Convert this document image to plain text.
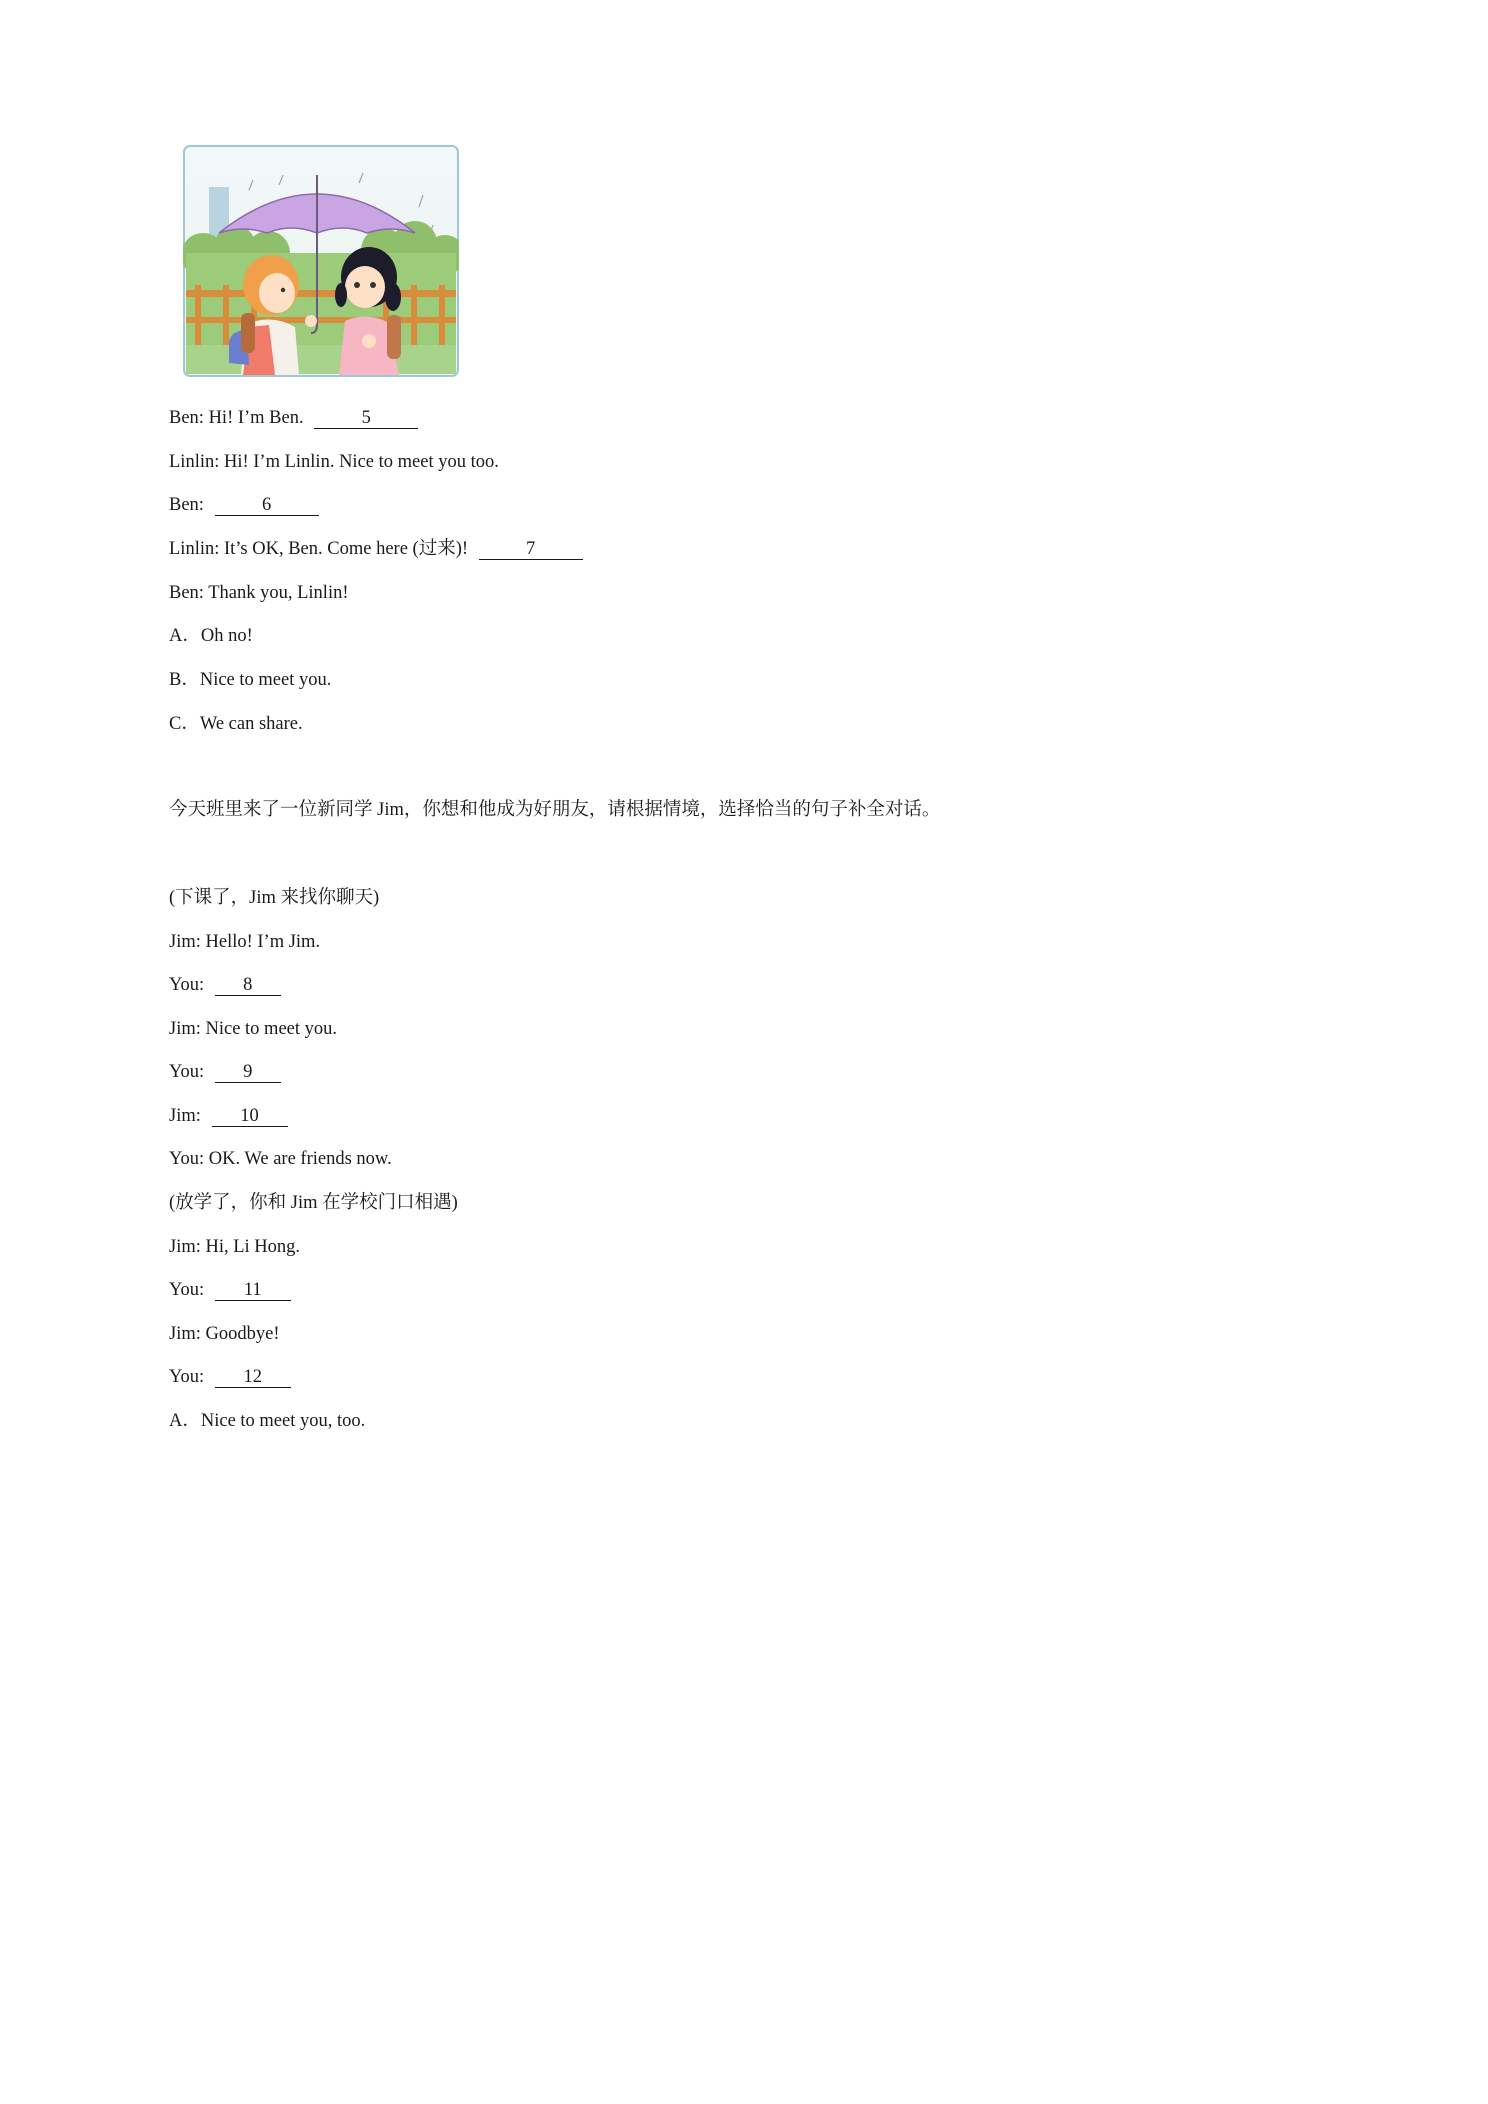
Ben: Hi! I’m Ben.	5
Linlin: Hi! I’m Linlin. Nice to meet you too.
Ben:	6
Linlin: It’s OK, Ben. Come here (过来)!	7
Ben: Thank you, Linlin!
A．Oh no!
B．Nice to meet you.
C．We can share.
今天班里来了一位新同学 Jim，你想和他成为好朋友，请根据情境，选择恰当的句子补全对话。
(下课了，Jim 来找你聊天)
Jim: Hello! I’m Jim.
You: 8
Jim: Nice to meet you.
You: 9
Jim: 10
You: OK. We are friends now.
(放学了，你和 Jim 在学校门口相遇)
Jim: Hi, Li Hong.
You: 11
Jim: Goodbye!
You: 12
A．Nice to meet you, too.
